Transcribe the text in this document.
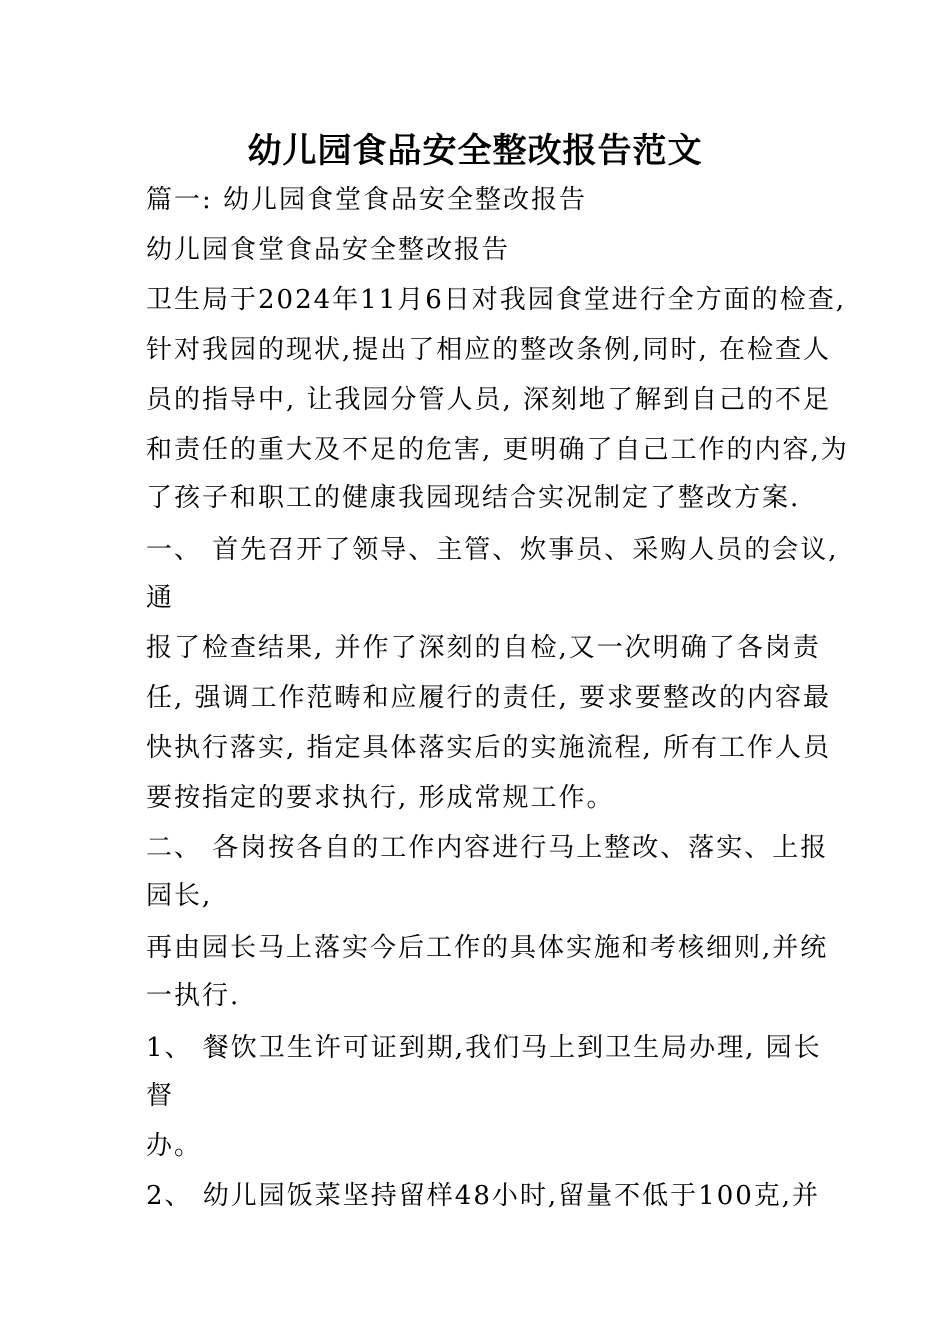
幼儿园食品安全整改报告范文
篇一: 幼儿园食堂食品安全整改报告
幼儿园食堂食品安全整改报告
卫生局于2024年11月6日对我园食堂进行全方面的检查,
针对我园的现状,提出了相应的整改条例,同时, 在检查人
员的指导中, 让我园分管人员, 深刻地了解到自己的不足
和责任的重大及不足的危害, 更明确了自己工作的内容,为
了孩子和职工的健康我园现结合实况制定了整改方案.
一、 首先召开了领导、主管、炊事员、采购人员的会议,
通
报了检查结果, 并作了深刻的自检,又一次明确了各岗责
任, 强调工作范畴和应履行的责任, 要求要整改的内容最
快执行落实, 指定具体落实后的实施流程, 所有工作人员
要按指定的要求执行, 形成常规工作。
二、 各岗按各自的工作内容进行马上整改、落实、上报
园长,
再由园长马上落实今后工作的具体实施和考核细则,并统
一执行.
1、 餐饮卫生许可证到期,我们马上到卫生局办理, 园长
督
办。
2、 幼儿园饭菜坚持留样48小时,留量不低于100克,并
